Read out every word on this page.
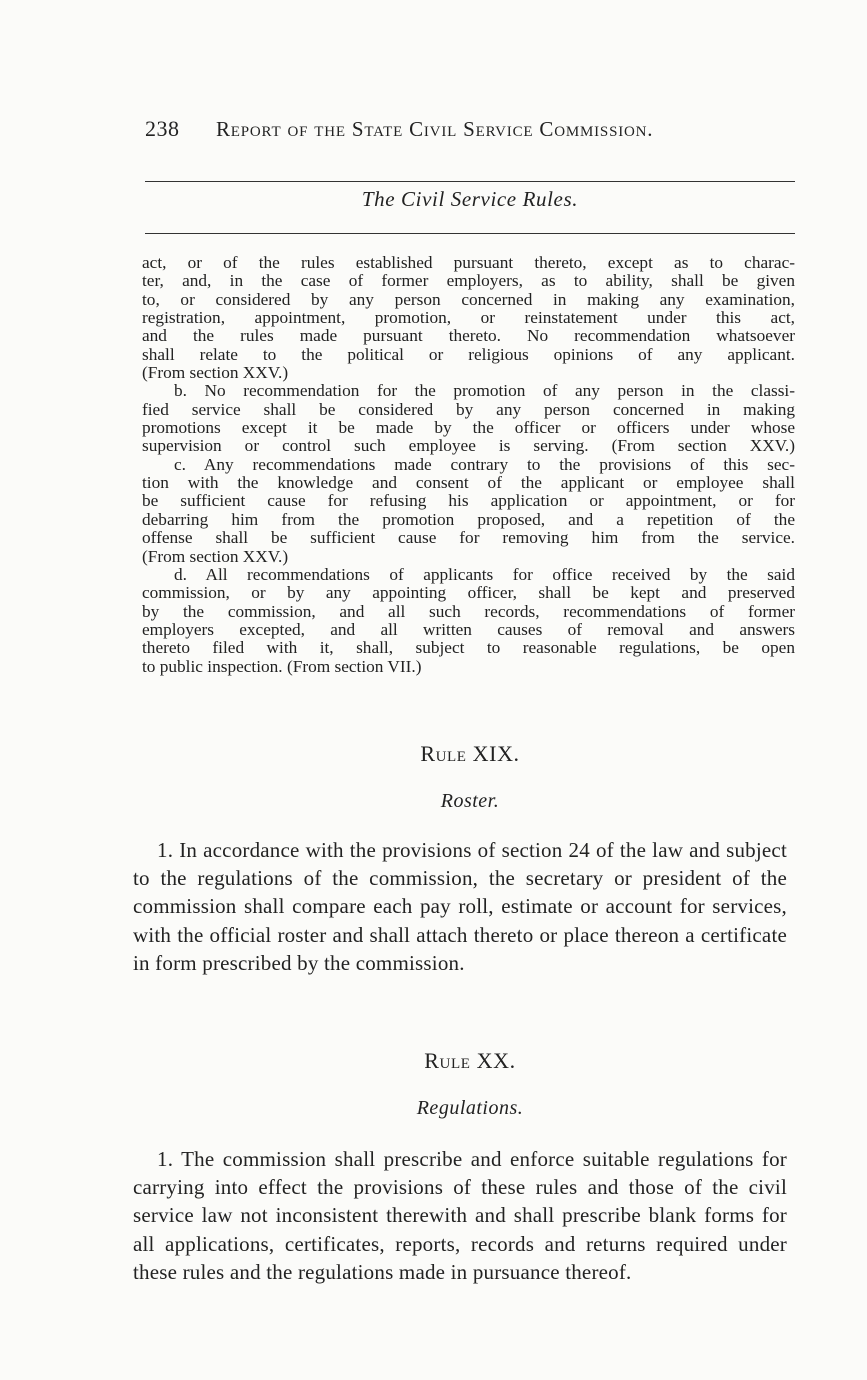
238 Report of the State Civil Service Commission.
The Civil Service Rules.

act, or of the rules established pursuant thereto, except as to charac-

ter, and, in the case of former employers, as to ability, shall be given

to, or considered by any person concerned in making any examination,

registration, appointment, promotion, or reinstatement under this act,

and the rules made pursuant thereto. No recommendation whatsoever

shall relate to the political or religious opinions of any applicant.

(From section XXV.)

b. No recommendation for the promotion of any person in the classi-

fied service shall be considered by any person concerned in making

promotions except it be made by the officer or officers under whose

supervision or control such employee is serving. (From section XXV.)

c. Any recommendations made contrary to the provisions of this sec-

tion with the knowledge and consent of the applicant or employee shall

be sufficient cause for refusing his application or appointment, or for

debarring him from the promotion proposed, and a repetition of the

offense shall be sufficient cause for removing him from the service.

(From section XXV.)

d. All recommendations of applicants for office received by the said

commission, or by any appointing officer, shall be kept and preserved

by the commission, and all such records, recommendations of former

employers excepted, and all written causes of removal and answers

thereto filed with it, shall, subject to reasonable regulations, be open

to public inspection. (From section VII.)

Rule XIX.
Roster.

1. In accordance with the provisions of section 24 of the law and subject to the regulations of the commission, the secretary or president of the commission shall compare each pay roll, estimate or account for services, with the official roster and shall attach thereto or place thereon a certificate in form prescribed by the commission.

Rule XX.
Regulations.

1. The commission shall prescribe and enforce suitable regulations for carrying into effect the provisions of these rules and those of the civil service law not inconsistent therewith and shall prescribe blank forms for all applications, certificates, reports, records and returns required under these rules and the regulations made in pursuance thereof.
